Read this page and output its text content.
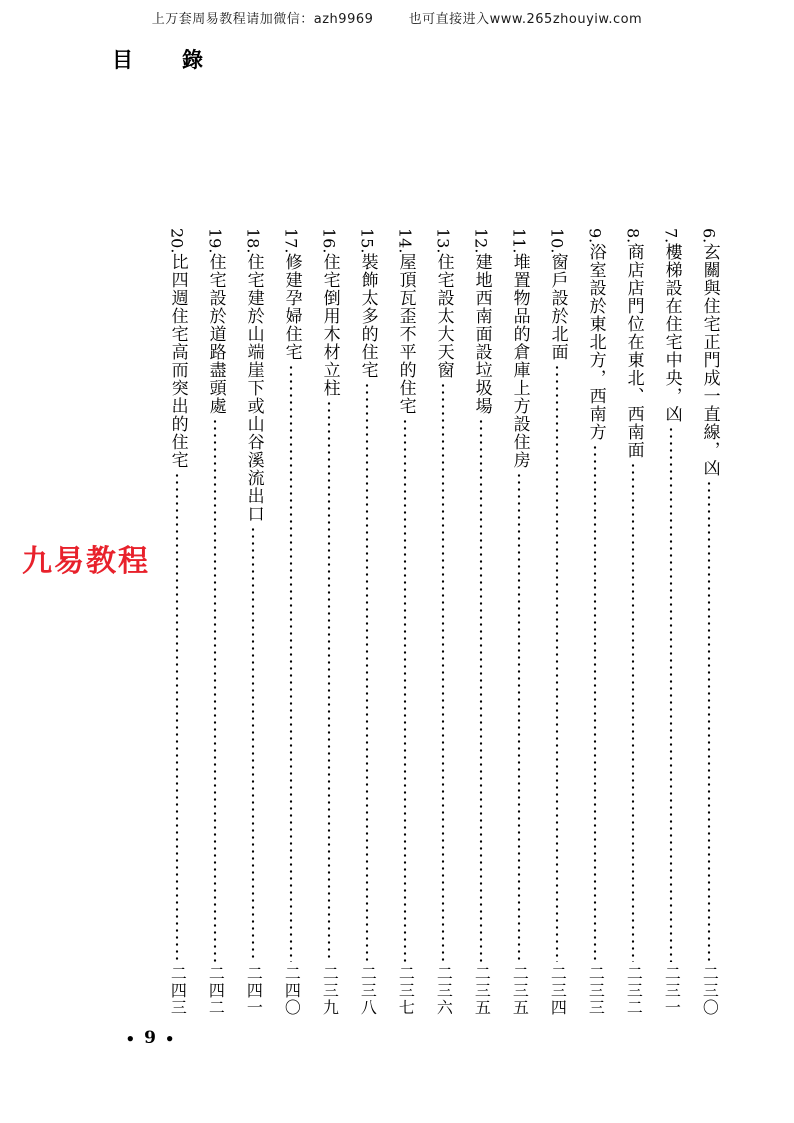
上万套周易教程请加微信：azh9969	也可直接进入www.265zhouyiw.com
目　錄
6.
玄關與住宅正門成一直線，凶
二三〇
7.
樓梯設在住宅中央，凶
二三一
8.
商店店門位在東北、西南面
二三二
9.
浴室設於東北方，西南方
二三三
10.
窗戶設於北面
二三四
11.
堆置物品的倉庫上方設住房
二三五
12.
建地西南面設垃圾場
二三五
13.
住宅設太大天窗
二三六
14.
屋頂瓦歪不平的住宅
二三七
15.
裝飾太多的住宅
二三八
16.
住宅倒用木材立柱
二三九
17.
修建孕婦住宅
二四〇
18.
住宅建於山端崖下或山谷溪流出口
二四一
19.
住宅設於道路盡頭處
二四二
20.
比四週住宅高而突出的住宅
二四三
九易教程
• 9 •
